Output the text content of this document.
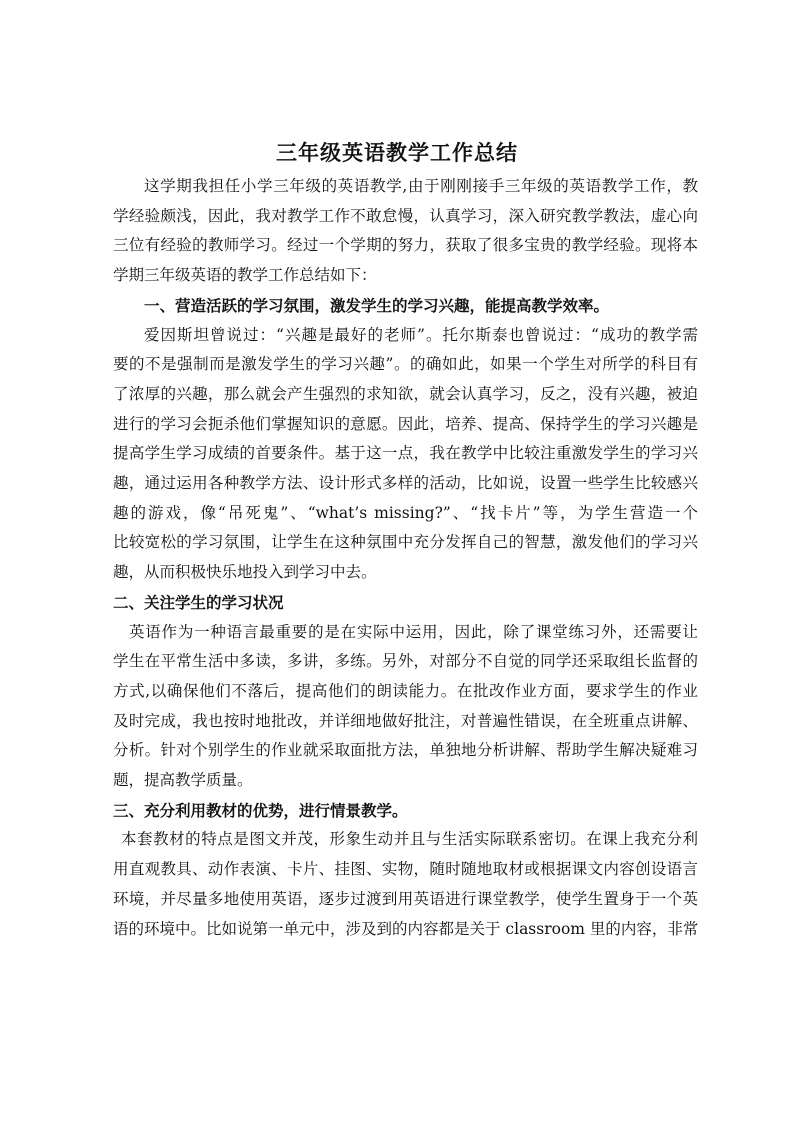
三年级英语教学工作总结

这学期我担任小学三年级的英语教学,由于刚刚接手三年级的英语教学工作，教
学经验颇浅，因此，我对教学工作不敢怠慢，认真学习，深入研究教学教法，虚心向
三位有经验的教师学习。经过一个学期的努力，获取了很多宝贵的教学经验。现将本
学期三年级英语的教学工作总结如下：

一、营造活跃的学习氛围，激发学生的学习兴趣，能提高教学效率。

爱因斯坦曾说过：“兴趣是最好的老师”。托尔斯泰也曾说过：“成功的教学需
要的不是强制而是激发学生的学习兴趣”。的确如此，如果一个学生对所学的科目有
了浓厚的兴趣，那么就会产生强烈的求知欲，就会认真学习，反之，没有兴趣，被迫
进行的学习会扼杀他们掌握知识的意愿。因此，培养、提高、保持学生的学习兴趣是
提高学生学习成绩的首要条件。基于这一点，我在教学中比较注重激发学生的学习兴
趣，通过运用各种教学方法、设计形式多样的活动，比如说，设置一些学生比较感兴
趣的游戏，像“吊死鬼”、“what’s missing?”、“找卡片”等，为学生营造一个
比较宽松的学习氛围，让学生在这种氛围中充分发挥自己的智慧，激发他们的学习兴
趣，从而积极快乐地投入到学习中去。

二、关注学生的学习状况

英语作为一种语言最重要的是在实际中运用，因此，除了课堂练习外，还需要让
学生在平常生活中多读，多讲，多练。另外，对部分不自觉的同学还采取组长监督的
方式,以确保他们不落后，提高他们的朗读能力。在批改作业方面，要求学生的作业
及时完成，我也按时地批改，并详细地做好批注，对普遍性错误，在全班重点讲解、
分析。针对个别学生的作业就采取面批方法，单独地分析讲解、帮助学生解决疑难习
题，提高教学质量。

三、充分利用教材的优势，进行情景教学。

本套教材的特点是图文并茂，形象生动并且与生活实际联系密切。在课上我充分利
用直观教具、动作表演、卡片、挂图、实物，随时随地取材或根据课文内容创设语言
环境，并尽量多地使用英语，逐步过渡到用英语进行课堂教学，使学生置身于一个英
语的环境中。比如说第一单元中，涉及到的内容都是关于 classroom 里的内容，非常
